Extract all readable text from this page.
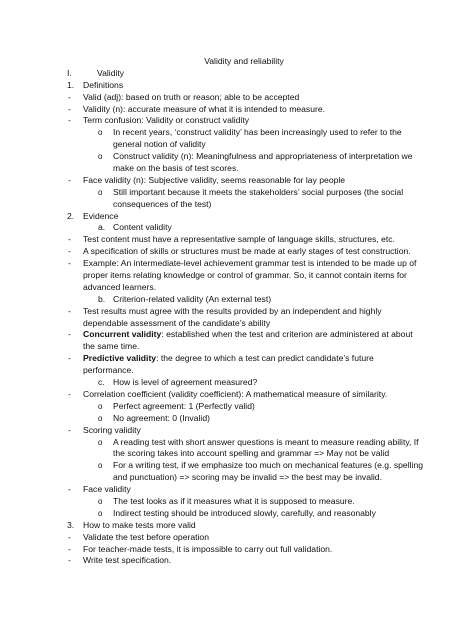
Validity and reliability
I.	Validity
1. Definitions
- Valid (adj): based on truth or reason; able to be accepted
- Validity (n): accurate measure of what it is intended to measure.
- Term confusion: Validity or construct validity
o In recent years, ‘construct validity’ has been increasingly used to refer to the
general notion of validity
o Construct validity (n): Meaningfulness and appropriateness of interpretation we
make on the basis of test scores.
- Face validity (n): Subjective validity, seems reasonable for lay people
o Still important because it meets the stakeholders’ social purposes (the social
consequences of the test)
2. Evidence
a. Content validity
- Test content must have a representative sample of language skills, structures, etc.
- A specification of skills or structures must be made at early stages of test construction.
- Example: An intermediate-level achievement grammar test is intended to be made up of
proper items relating knowledge or control of grammar. So, it cannot contain items for
advanced learners.
b. Criterion-related validity (An external test)
- Test results must agree with the results provided by an independent and highly
dependable assessment of the candidate’s ability
- Concurrent validity: established when the test and criterion are administered at about
the same time.
- Predictive validity: the degree to which a test can predict candidate’s future
performance.
c. How is level of agreement measured?
- Correlation coefficient (validity coefficient): A mathematical measure of similarity.
o Perfect agreement: 1 (Perfectly valid)
o No agreement: 0 (Invalid)
- Scoring validity
o A reading test with short answer questions is meant to measure reading ability, If
the scoring takes into account spelling and grammar => May not be valid
o For a writing test, if we emphasize too much on mechanical features (e.g. spelling
and punctuation) => scoring may be invalid => the best may be invalid.
- Face validity
o The test looks as if it measures what it is supposed to measure.
o Indirect testing should be introduced slowly, carefully, and reasonably
3. How to make tests more valid
- Validate the test before operation
- For teacher-made tests, it is impossible to carry out full validation.
- Write test specification.
